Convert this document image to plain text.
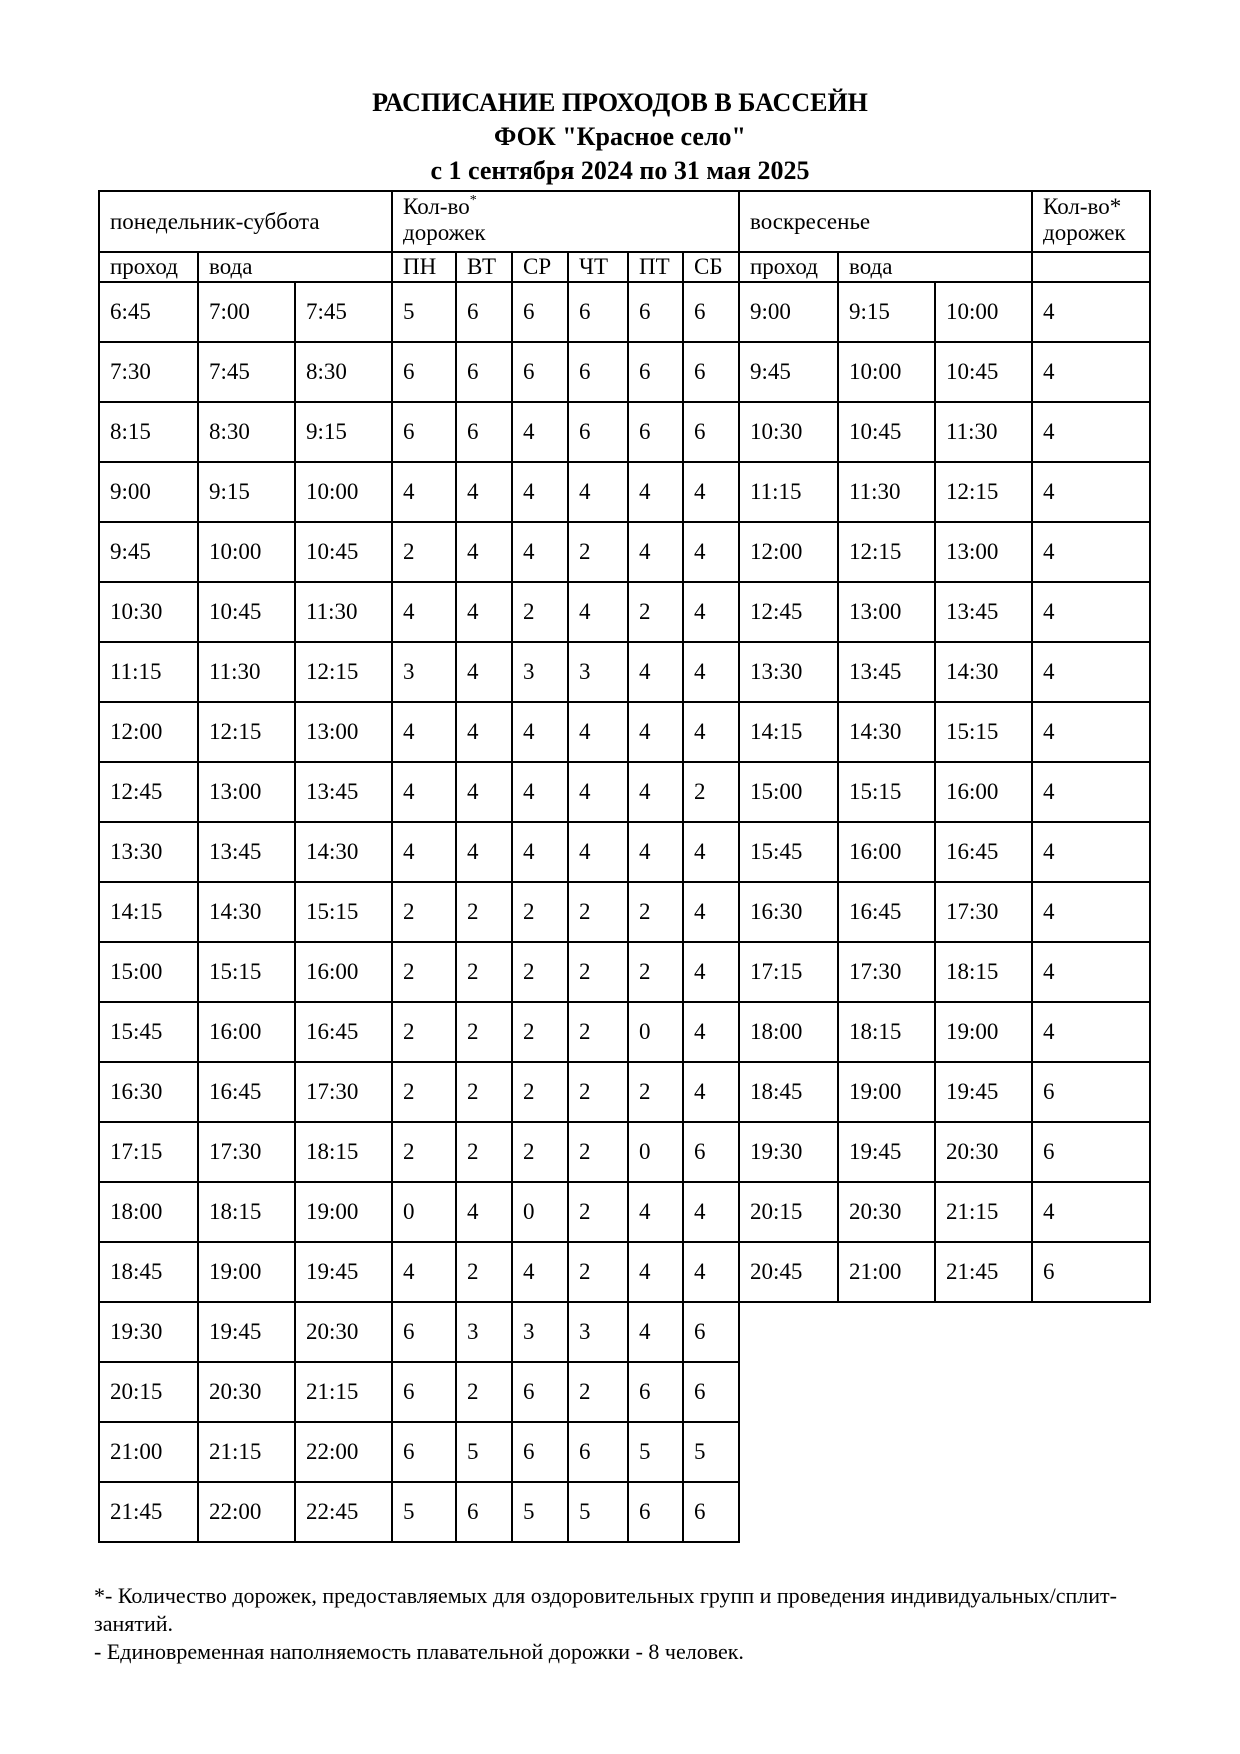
РАСПИСАНИЕ ПРОХОДОВ В БАССЕЙН
ФОК "Красное село"
с 1 сентября 2024 по 31 мая 2025
понедельник-суббота			Кол-во*
дорожек						воскресенье			Кол-во*
дорожек
проход	вода		ПН	ВТ	СР	ЧТ	ПТ	СБ	проход	вода		
6:45	7:00	7:45	5	6	6	6	6	6	9:00	9:15	10:00	4
7:30	7:45	8:30	6	6	6	6	6	6	9:45	10:00	10:45	4
8:15	8:30	9:15	6	6	4	6	6	6	10:30	10:45	11:30	4
9:00	9:15	10:00	4	4	4	4	4	4	11:15	11:30	12:15	4
9:45	10:00	10:45	2	4	4	2	4	4	12:00	12:15	13:00	4
10:30	10:45	11:30	4	4	2	4	2	4	12:45	13:00	13:45	4
11:15	11:30	12:15	3	4	3	3	4	4	13:30	13:45	14:30	4
12:00	12:15	13:00	4	4	4	4	4	4	14:15	14:30	15:15	4
12:45	13:00	13:45	4	4	4	4	4	2	15:00	15:15	16:00	4
13:30	13:45	14:30	4	4	4	4	4	4	15:45	16:00	16:45	4
14:15	14:30	15:15	2	2	2	2	2	4	16:30	16:45	17:30	4
15:00	15:15	16:00	2	2	2	2	2	4	17:15	17:30	18:15	4
15:45	16:00	16:45	2	2	2	2	0	4	18:00	18:15	19:00	4
16:30	16:45	17:30	2	2	2	2	2	4	18:45	19:00	19:45	6
17:15	17:30	18:15	2	2	2	2	0	6	19:30	19:45	20:30	6
18:00	18:15	19:00	0	4	0	2	4	4	20:15	20:30	21:15	4
18:45	19:00	19:45	4	2	4	2	4	4	20:45	21:00	21:45	6
19:30	19:45	20:30	6	3	3	3	4	6				
20:15	20:30	21:15	6	2	6	2	6	6				
21:00	21:15	22:00	6	5	6	6	5	5				
21:45	22:00	22:45	5	6	5	5	6	6				
*- Количество дорожек, предоставляемых для оздоровительных групп и проведения индивидуальных/сплит-занятий.
- Единовременная наполняемость плавательной дорожки - 8 человек.
